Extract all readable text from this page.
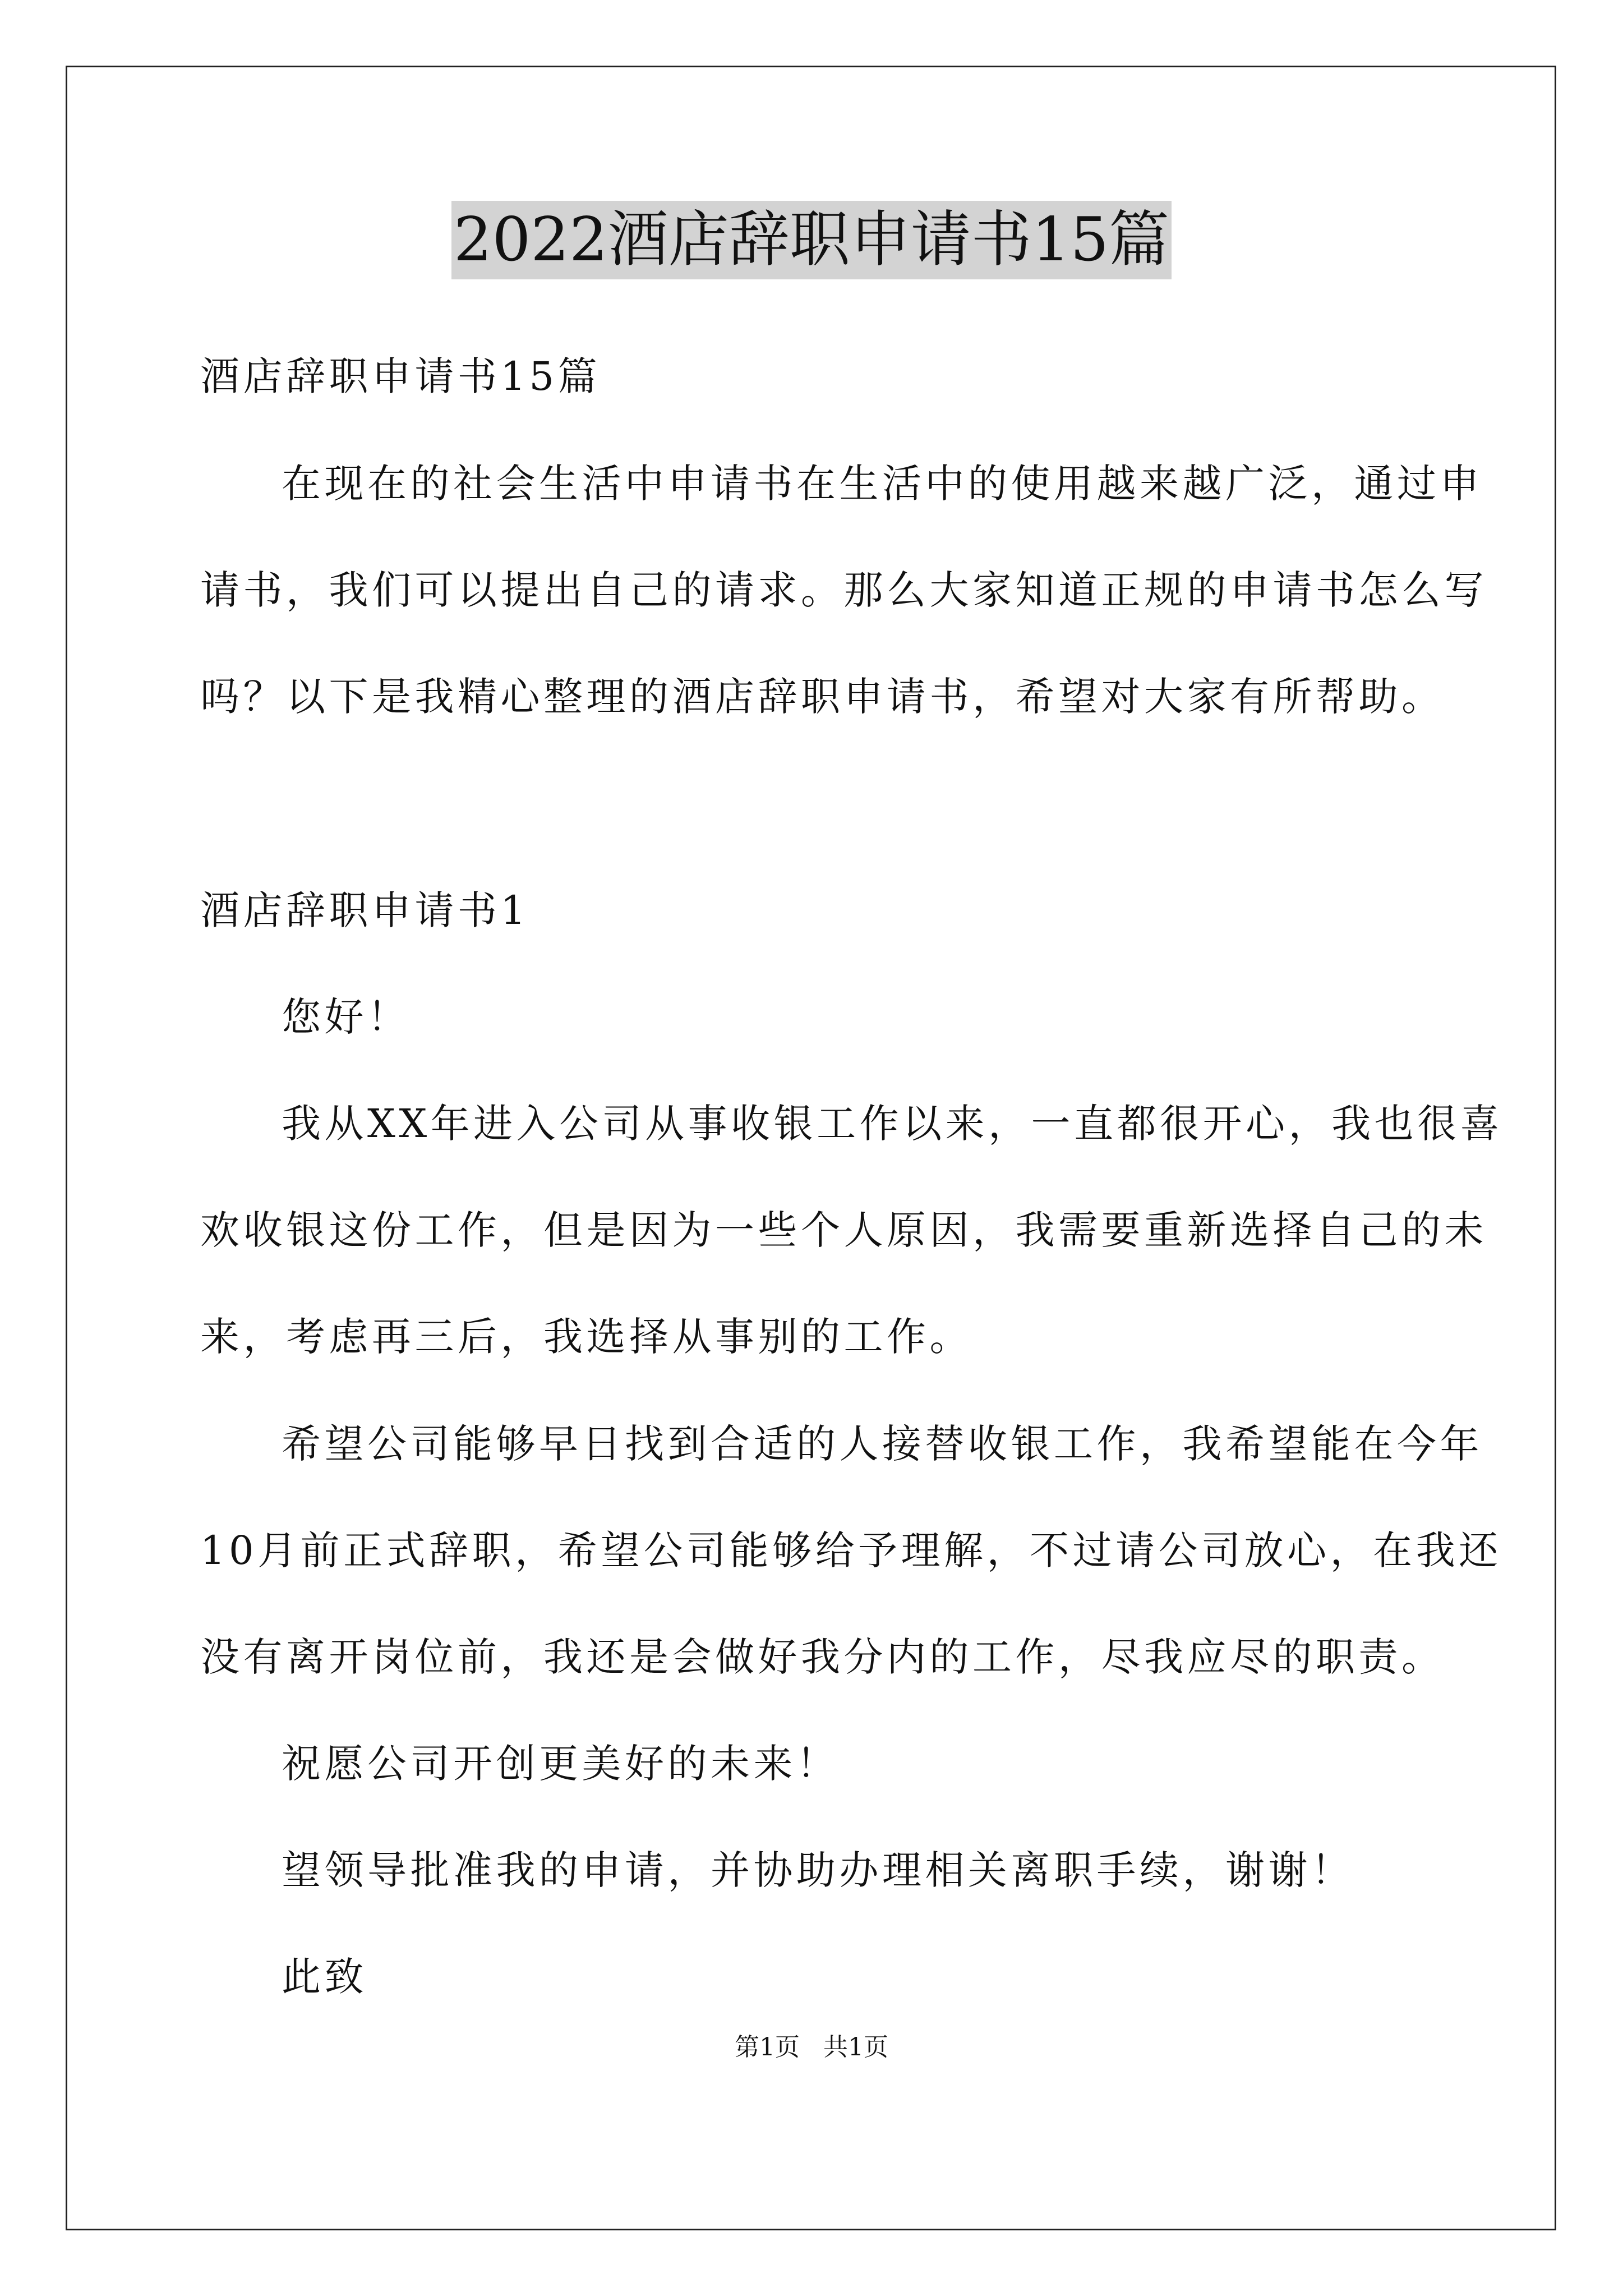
2022酒店辞职申请书15篇
酒店辞职申请书15篇
在现在的社会生活中申请书在生活中的使用越来越广泛，通过申
请书，我们可以提出自己的请求。那么大家知道正规的申请书怎么写
吗？以下是我精心整理的酒店辞职申请书，希望对大家有所帮助。
酒店辞职申请书1
您好！
我从XX年进入公司从事收银工作以来，一直都很开心，我也很喜
欢收银这份工作，但是因为一些个人原因，我需要重新选择自己的未
来，考虑再三后，我选择从事别的工作。
希望公司能够早日找到合适的人接替收银工作，我希望能在今年
10月前正式辞职，希望公司能够给予理解，不过请公司放心，在我还
没有离开岗位前，我还是会做好我分内的工作，尽我应尽的职责。
祝愿公司开创更美好的未来！
望领导批准我的申请，并协助办理相关离职手续，谢谢！
此致
第1页   共1页
